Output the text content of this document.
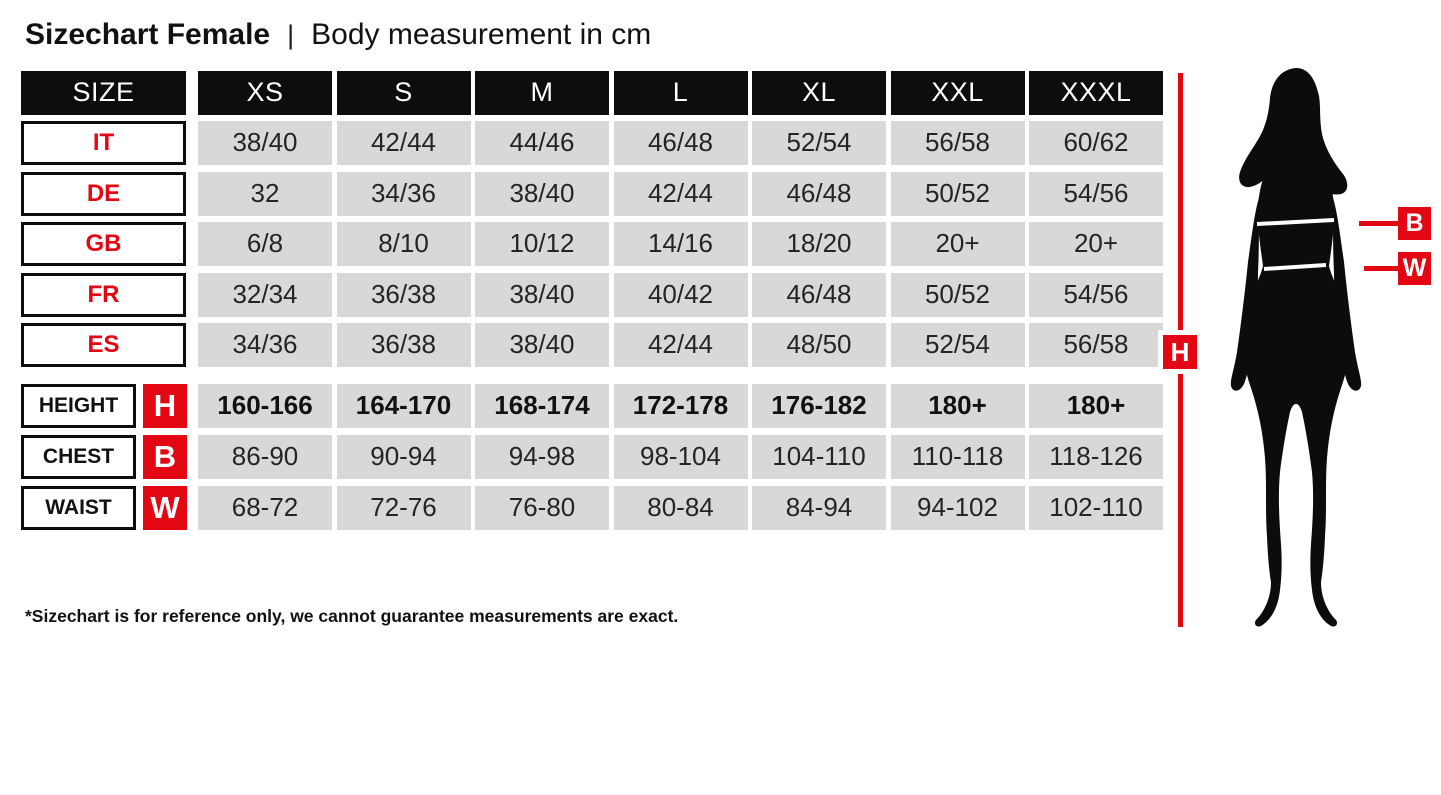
Sizechart Female | Body measurement in cm
SIZE	XS	S	M	L	XL	XXL	XXXL
IT	38/40	42/44	44/46	46/48	52/54	56/58	60/62
DE	32	34/36	38/40	42/44	46/48	50/52	54/56
GB	6/8	8/10	10/12	14/16	18/20	20+	20+
FR	32/34	36/38	38/40	40/42	46/48	50/52	54/56
ES	34/36	36/38	38/40	42/44	48/50	52/54	56/58
HEIGHT	H	160-166	164-170	168-174	172-178	176-182	180+	180+
CHEST	B	86-90	90-94	94-98	98-104	104-110	110-118	118-126
WAIST	W	68-72	72-76	76-80	80-84	84-94	94-102	102-110
H
B
W
*Sizechart is for reference only, we cannot guarantee measurements are exact.
